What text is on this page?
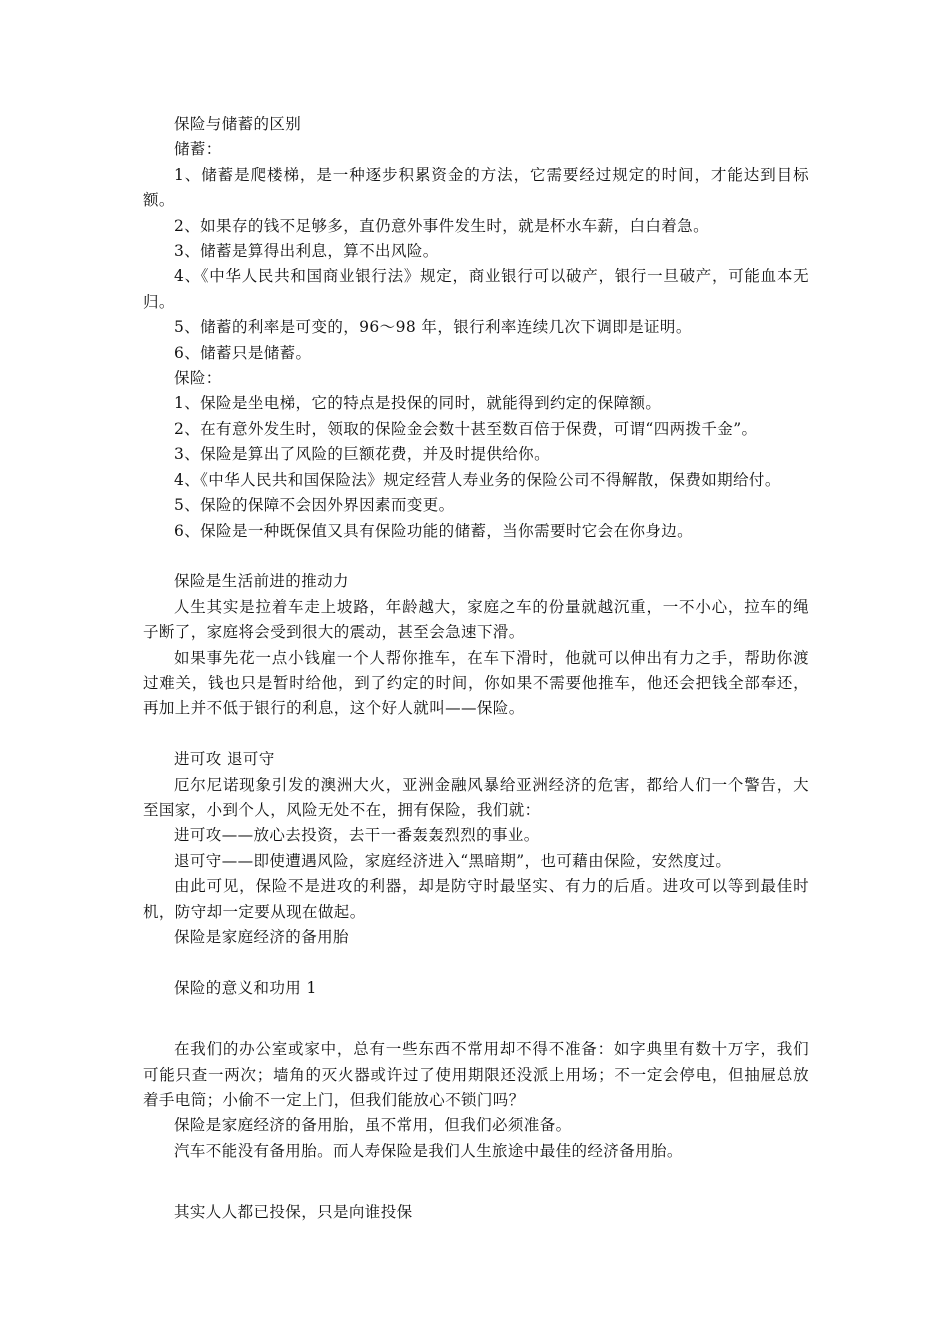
保险与储蓄的区别

储蓄：

1、储蓄是爬楼梯，是一种逐步积累资金的方法，它需要经过规定的时间，才能达到目标额。

2、如果存的钱不足够多，直仍意外事件发生时，就是杯水车薪，白白着急。

3、储蓄是算得出利息，算不出风险。

4、《中华人民共和国商业银行法》规定，商业银行可以破产，银行一旦破产，可能血本无归。

5、储蓄的利率是可变的，96～98 年，银行利率连续几次下调即是证明。

6、储蓄只是储蓄。

保险：

1、保险是坐电梯，它的特点是投保的同时，就能得到约定的保障额。

2、在有意外发生时，领取的保险金会数十甚至数百倍于保费，可谓“四两拨千金”。

3、保险是算出了风险的巨额花费，并及时提供给你。

4、《中华人民共和国保险法》规定经营人寿业务的保险公司不得解散，保费如期给付。

5、保险的保障不会因外界因素而变更。

6、保险是一种既保值又具有保险功能的储蓄，当你需要时它会在你身边。

保险是生活前进的推动力

人生其实是拉着车走上坡路，年龄越大，家庭之车的份量就越沉重，一不小心，拉车的绳子断了，家庭将会受到很大的震动，甚至会急速下滑。

如果事先花一点小钱雇一个人帮你推车，在车下滑时，他就可以伸出有力之手，帮助你渡过难关，钱也只是暂时给他，到了约定的时间，你如果不需要他推车，他还会把钱全部奉还，再加上并不低于银行的利息，这个好人就叫——保险。

进可攻 退可守

厄尔尼诺现象引发的澳洲大火，亚洲金融风暴给亚洲经济的危害，都给人们一个警告，大至国家，小到个人，风险无处不在，拥有保险，我们就：

进可攻——放心去投资，去干一番轰轰烈烈的事业。

退可守——即使遭遇风险，家庭经济进入“黑暗期”，也可藉由保险，安然度过。

由此可见，保险不是进攻的利器，却是防守时最坚实、有力的后盾。进攻可以等到最佳时机，防守却一定要从现在做起。

保险是家庭经济的备用胎

保险的意义和功用 1

在我们的办公室或家中，总有一些东西不常用却不得不准备：如字典里有数十万字，我们可能只查一两次；墙角的灭火器或许过了使用期限还没派上用场；不一定会停电，但抽屉总放着手电筒；小偷不一定上门，但我们能放心不锁门吗？

保险是家庭经济的备用胎，虽不常用，但我们必须准备。

汽车不能没有备用胎。而人寿保险是我们人生旅途中最佳的经济备用胎。

其实人人都已投保，只是向谁投保
